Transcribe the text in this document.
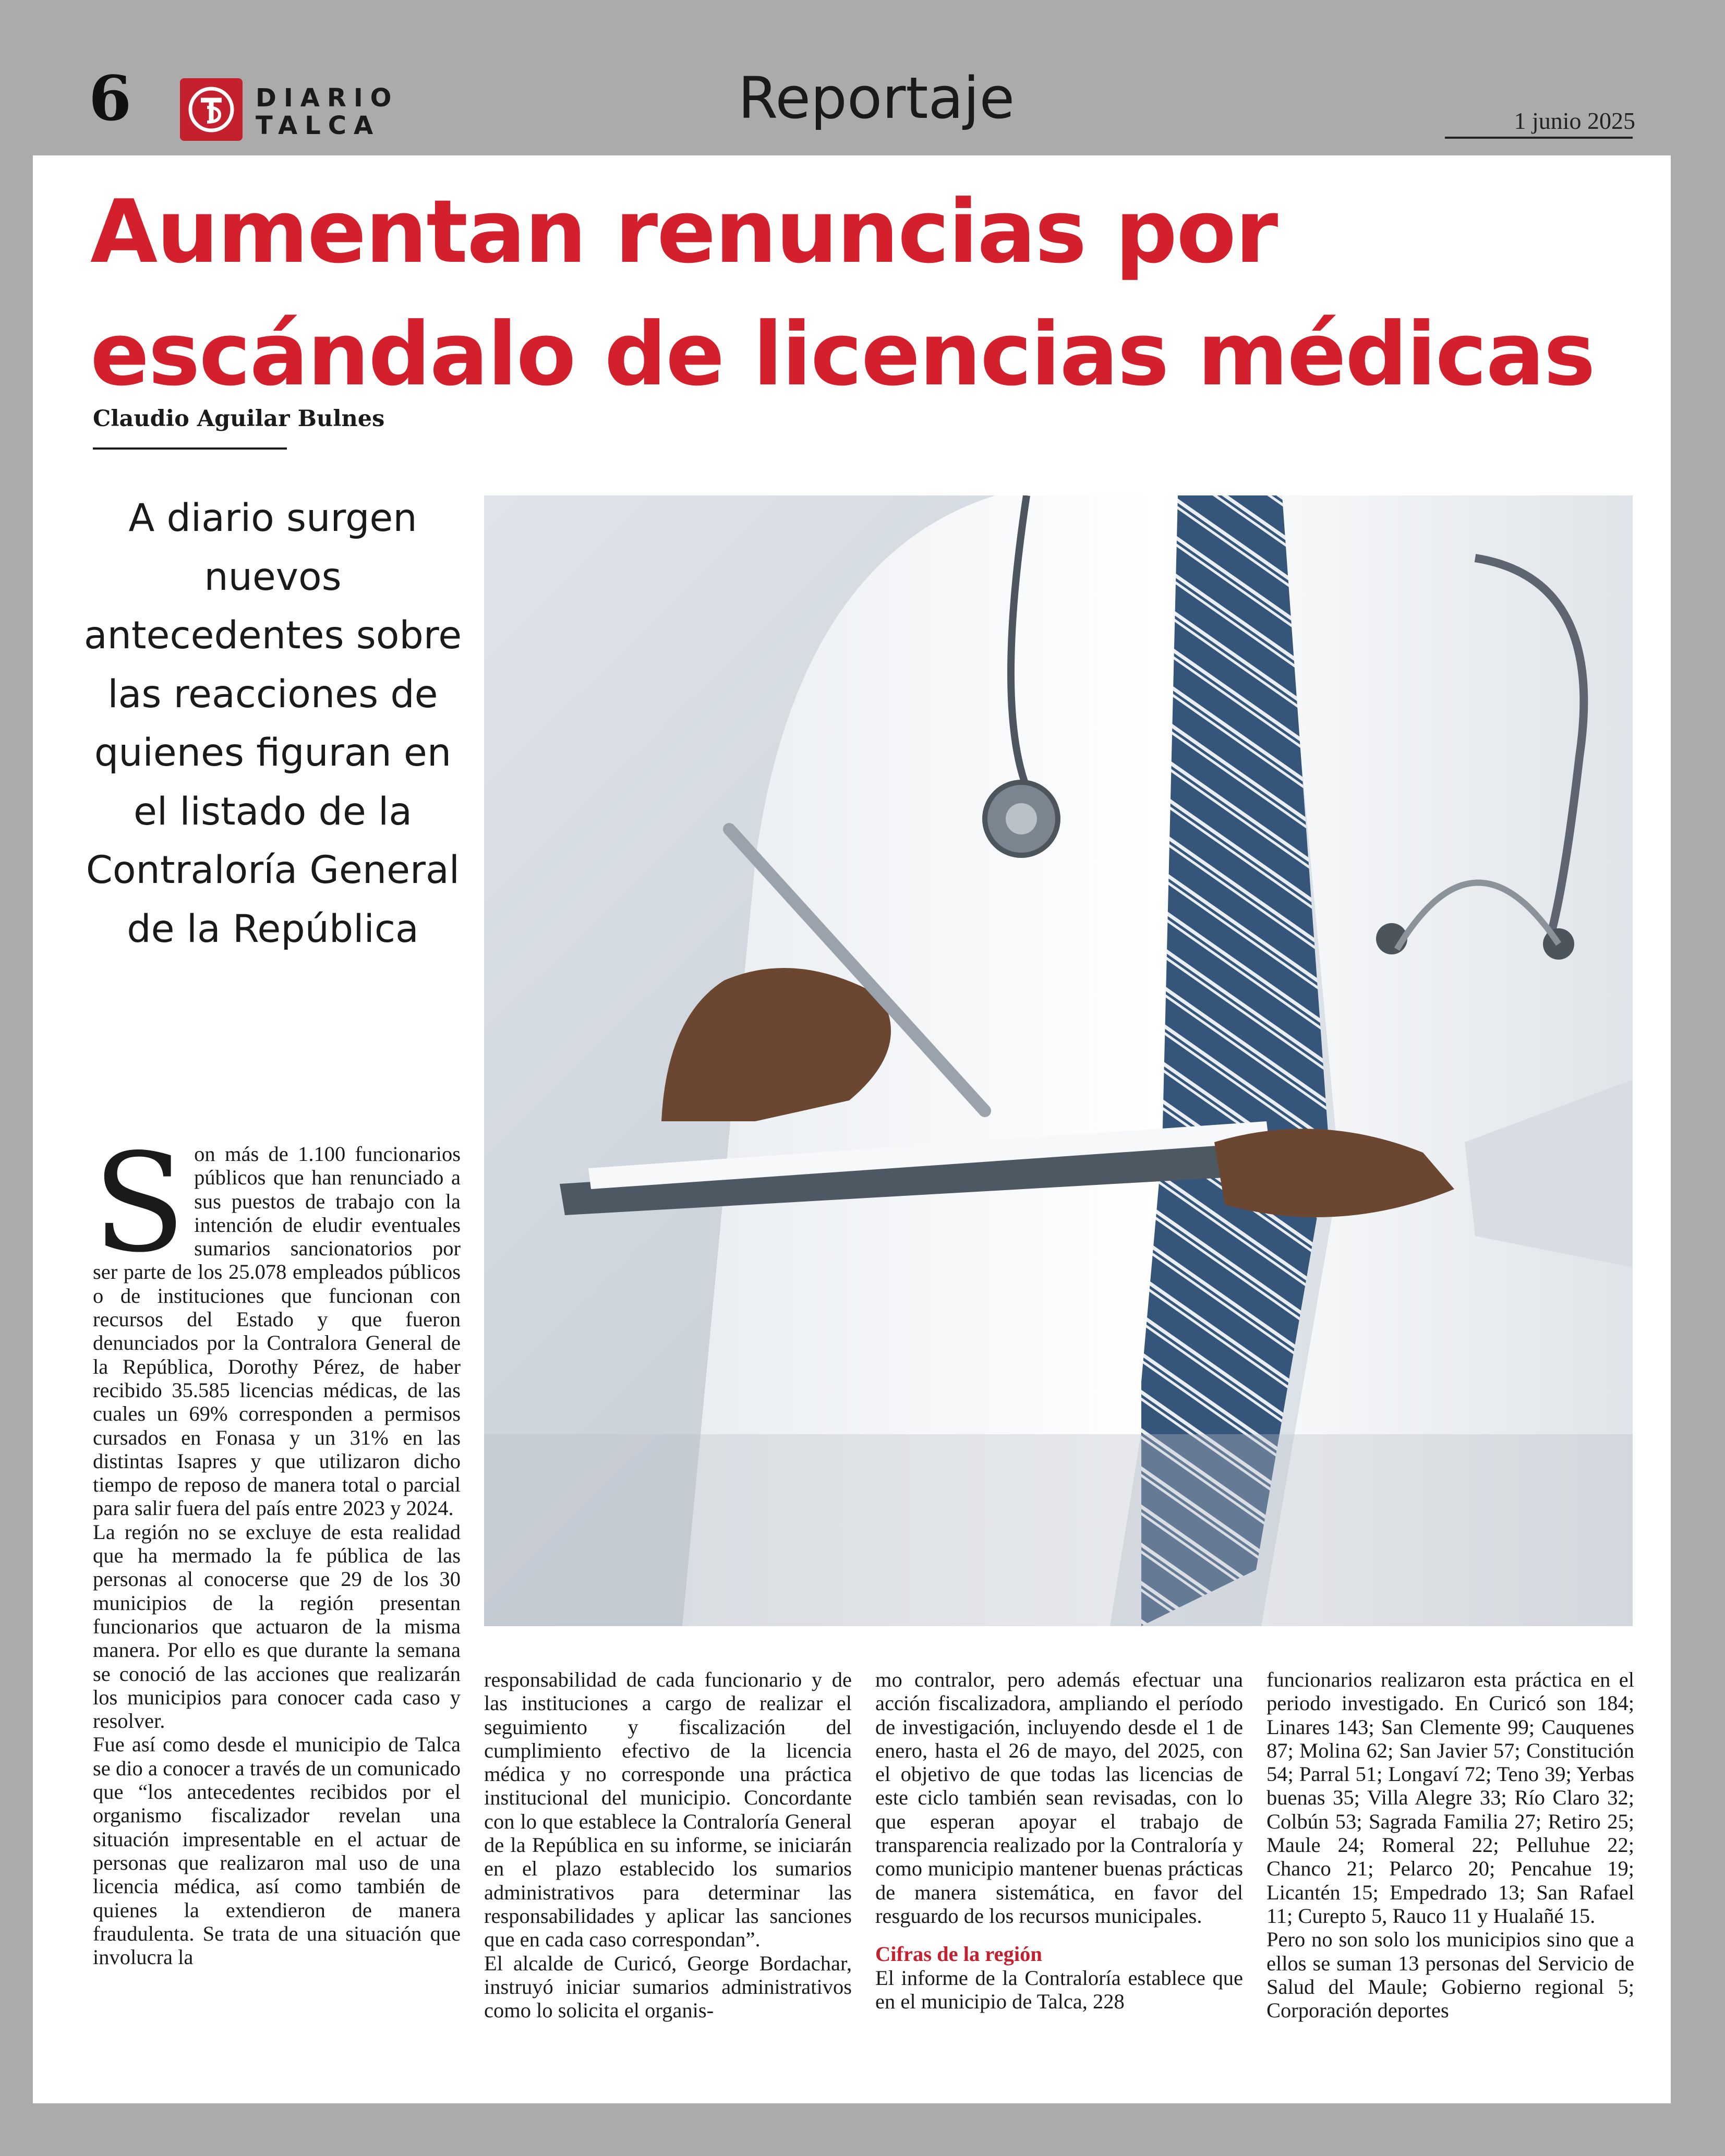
6	DIARIO
TALCA	Reportaje	1 junio 2025
Aumentan renuncias por escándalo de licencias médicas
Claudio Aguilar Bulnes
A diario surgen nuevos antecedentes sobre las reacciones de quienes figuran en el listado de la Contraloría General de la República
S on más de 1.100 funcionarios públicos que han renunciado a sus puestos de trabajo con la intención de eludir eventuales sumarios sancionatorios por ser parte de los 25.078 empleados públicos o de instituciones que funcionan con recursos del Estado y que fueron denunciados por la Contralora General de la República, Dorothy Pérez, de haber recibido 35.585 licencias médicas, de las cuales un 69% corresponden a permisos cursados en Fonasa y un 31% en las distintas Isapres y que utilizaron dicho tiempo de reposo de manera total o parcial para salir fuera del país entre 2023 y 2024.

La región no se excluye de esta realidad que ha mermado la fe pública de las personas al conocerse que 29 de los 30 municipios de la región presentan funcionarios que actuaron de la misma manera. Por ello es que durante la semana se conoció de las acciones que realizarán los municipios para conocer cada caso y resolver.

Fue así como desde el municipio de Talca se dio a conocer a través de un comunicado que “los antecedentes recibidos por el organismo fiscalizador revelan una situación impresentable en el actuar de personas que realizaron mal uso de una licencia médica, así como también de quienes la extendieron de manera fraudulenta. Se trata de una situación que involucra la

responsabilidad de cada funcionario y de las instituciones a cargo de realizar el seguimiento y fiscalización del cumplimiento efectivo de la licencia médica y no corresponde una práctica institucional del municipio. Concordante con lo que establece la Contraloría General de la República en su informe, se iniciarán en el plazo establecido los sumarios administrativos para determinar las responsabilidades y aplicar las sanciones que en cada caso correspondan”.

El alcalde de Curicó, George Bordachar, instruyó iniciar sumarios administrativos como lo solicita el organis-

mo contralor, pero además efectuar una acción fiscalizadora, ampliando el período de investigación, incluyendo desde el 1 de enero, hasta el 26 de mayo, del 2025, con el objetivo de que todas las licencias de este ciclo también sean revisadas, con lo que esperan apoyar el trabajo de transparencia realizado por la Contraloría y como municipio mantener buenas prácticas de manera sistemática, en favor del resguardo de los recursos municipales.

Cifras de la región

El informe de la Contraloría establece que en el municipio de Talca, 228

funcionarios realizaron esta práctica en el periodo investigado. En Curicó son 184; Linares 143; San Clemente 99; Cauquenes 87; Molina 62; San Javier 57; Constitución 54; Parral 51; Longaví 72; Teno 39; Yerbas buenas 35; Villa Alegre 33; Río Claro 32; Colbún 53; Sagrada Familia 27; Retiro 25; Maule 24; Romeral 22; Pelluhue 22; Chanco 21; Pelarco 20; Pencahue 19; Licantén 15; Empedrado 13; San Rafael 11; Curepto 5, Rauco 11 y Hualañé 15.

Pero no son solo los municipios sino que a ellos se suman 13 personas del Servicio de Salud del Maule; Gobierno regional 5; Corporación deportes
